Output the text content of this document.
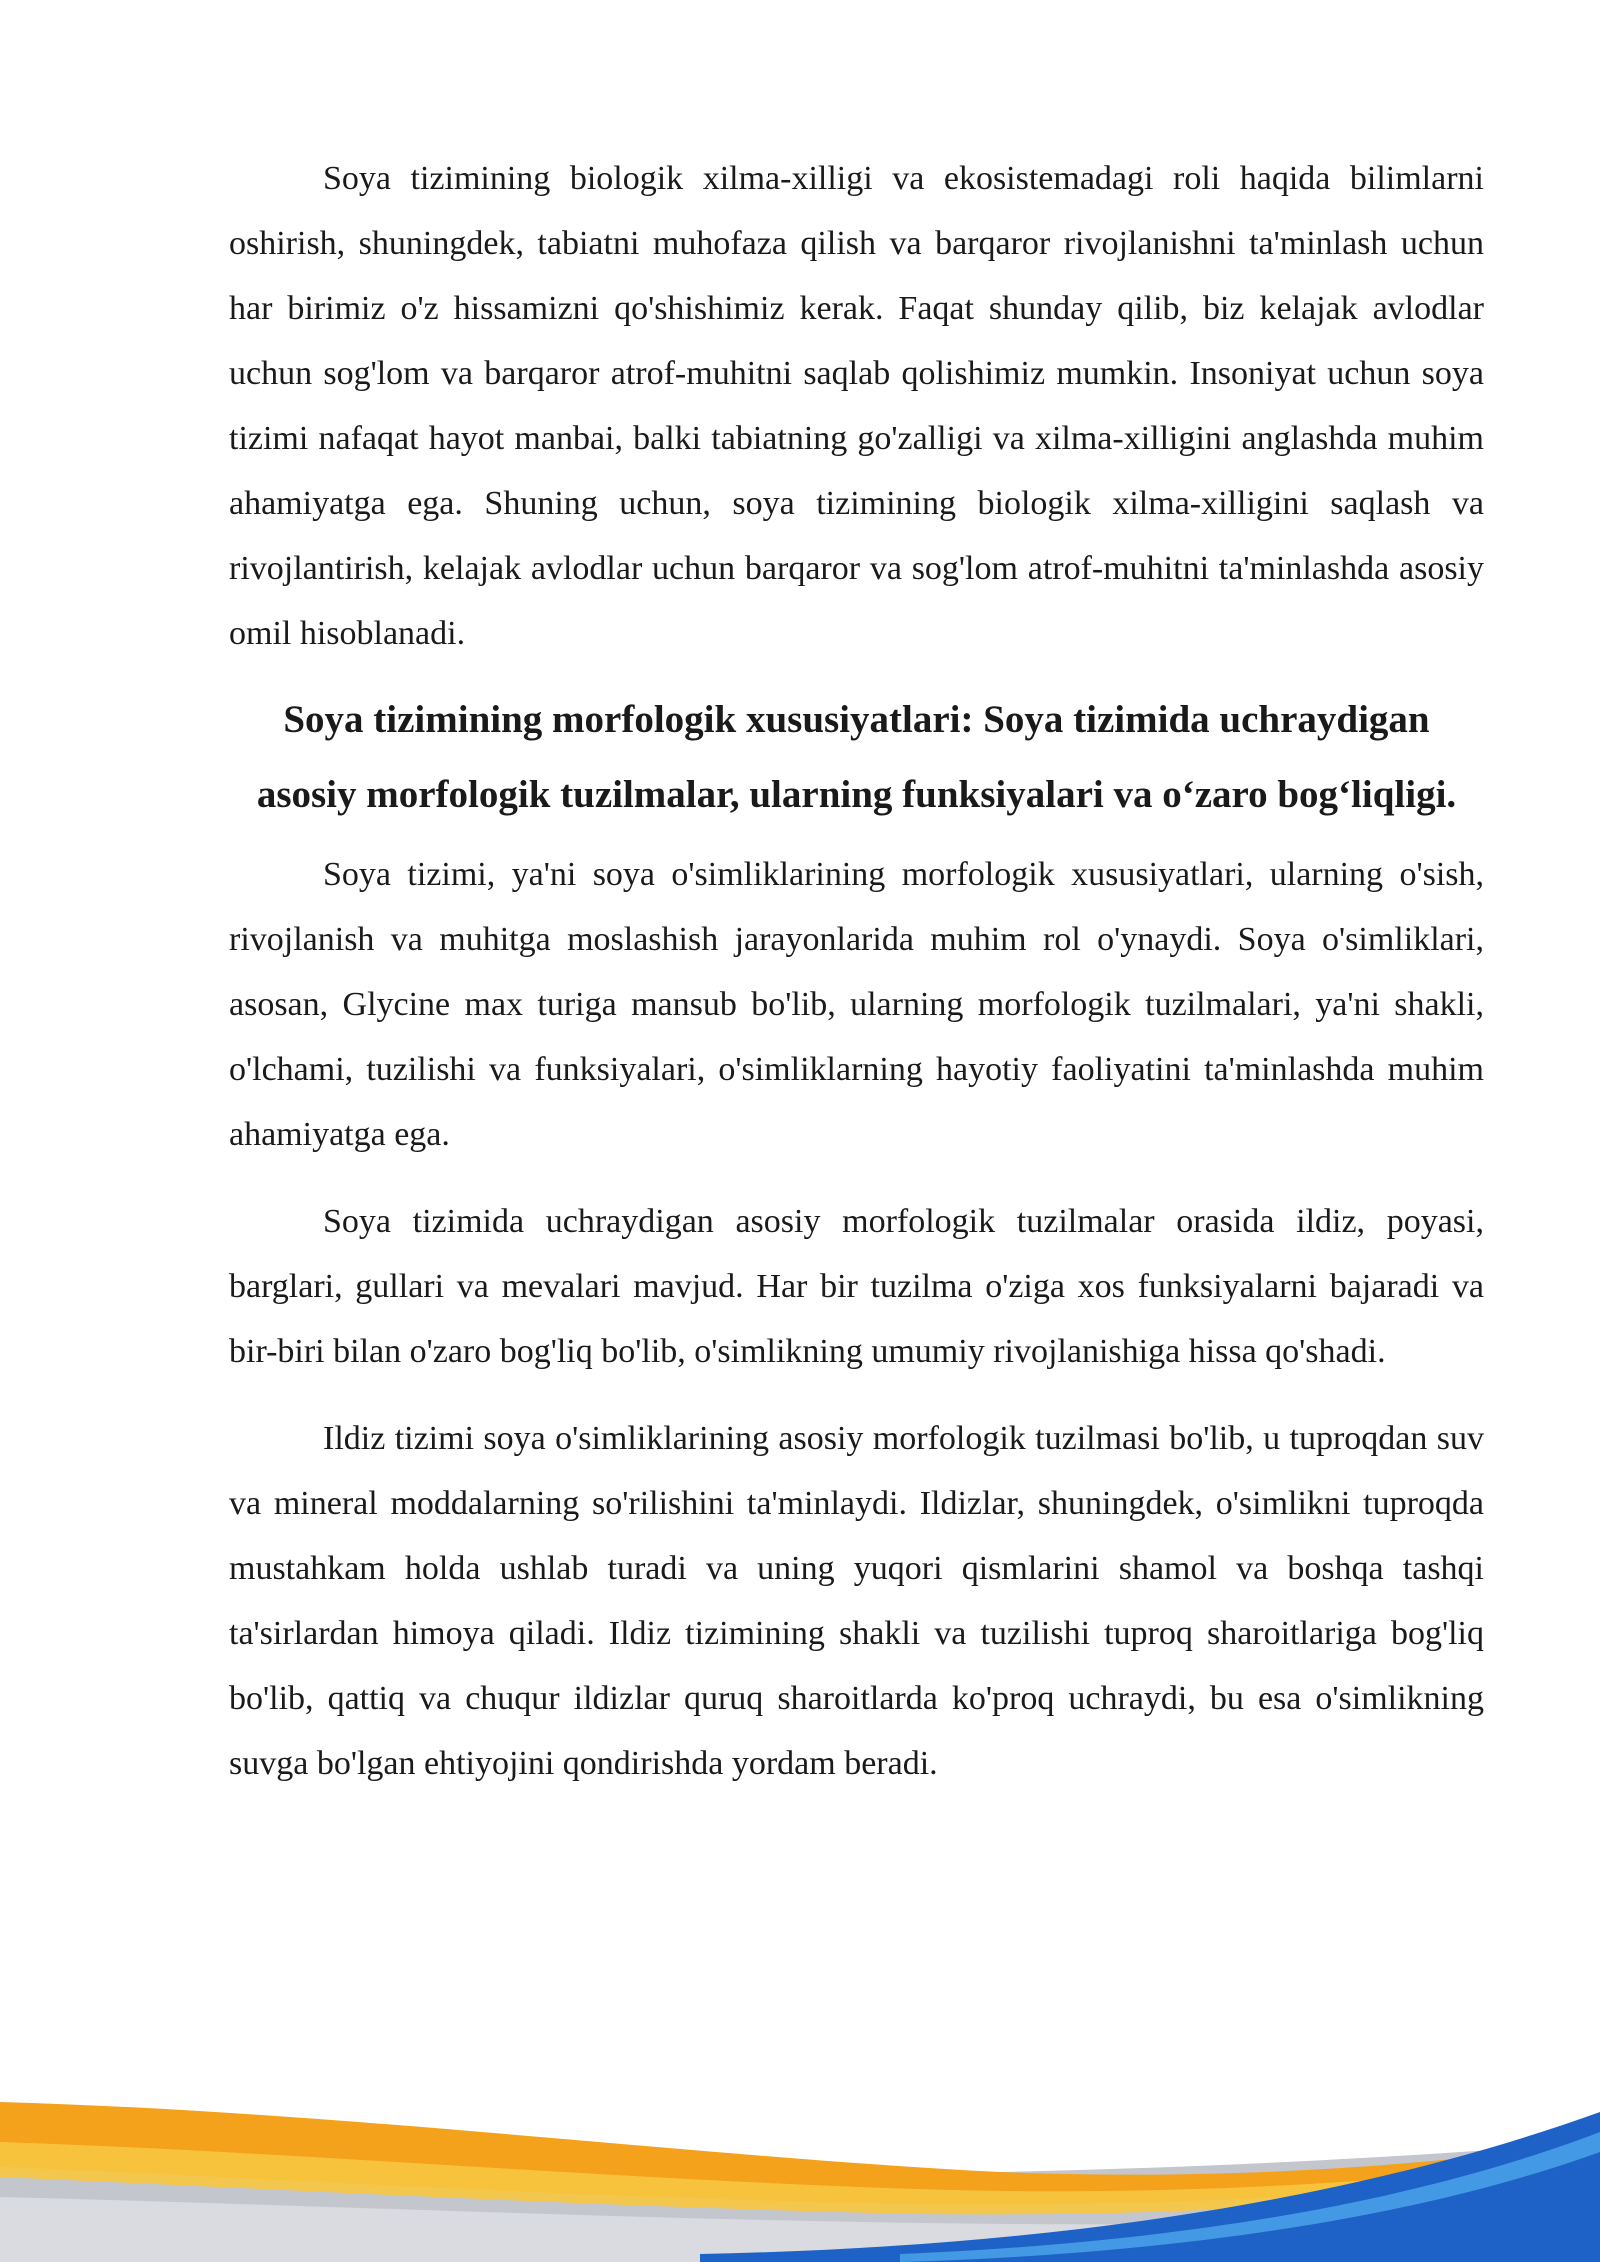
Soya tizimining biologik xilma-xilligi va ekosistemadagi roli haqida bilimlarni oshirish, shuningdek, tabiatni muhofaza qilish va barqaror rivojlanishni ta'minlash uchun har birimiz o'z hissamizni qo'shishimiz kerak. Faqat shunday qilib, biz kelajak avlodlar uchun sog'lom va barqaror atrof-muhitni saqlab qolishimiz mumkin. Insoniyat uchun soya tizimi nafaqat hayot manbai, balki tabiatning go'zalligi va xilma-xilligini anglashda muhim ahamiyatga ega. Shuning uchun, soya tizimining biologik xilma-xilligini saqlash va rivojlantirish, kelajak avlodlar uchun barqaror va sog'lom atrof-muhitni ta'minlashda asosiy omil hisoblanadi.

Soya tizimining morfologik xususiyatlari: Soya tizimida uchraydigan asosiy morfologik tuzilmalar, ularning funksiyalari va o‘zaro bog‘liqligi.

Soya tizimi, ya'ni soya o'simliklarining morfologik xususiyatlari, ularning o'sish, rivojlanish va muhitga moslashish jarayonlarida muhim rol o'ynaydi. Soya o'simliklari, asosan, Glycine max turiga mansub bo'lib, ularning morfologik tuzilmalari, ya'ni shakli, o'lchami, tuzilishi va funksiyalari, o'simliklarning hayotiy faoliyatini ta'minlashda muhim ahamiyatga ega.

Soya tizimida uchraydigan asosiy morfologik tuzilmalar orasida ildiz, poyasi, barglari, gullari va mevalari mavjud. Har bir tuzilma o'ziga xos funksiyalarni bajaradi va bir-biri bilan o'zaro bog'liq bo'lib, o'simlikning umumiy rivojlanishiga hissa qo'shadi.

Ildiz tizimi soya o'simliklarining asosiy morfologik tuzilmasi bo'lib, u tuproqdan suv va mineral moddalarning so'rilishini ta'minlaydi. Ildizlar, shuningdek, o'simlikni tuproqda mustahkam holda ushlab turadi va uning yuqori qismlarini shamol va boshqa tashqi ta'sirlardan himoya qiladi. Ildiz tizimining shakli va tuzilishi tuproq sharoitlariga bog'liq bo'lib, qattiq va chuqur ildizlar quruq sharoitlarda ko'proq uchraydi, bu esa o'simlikning suvga bo'lgan ehtiyojini qondirishda yordam beradi.
